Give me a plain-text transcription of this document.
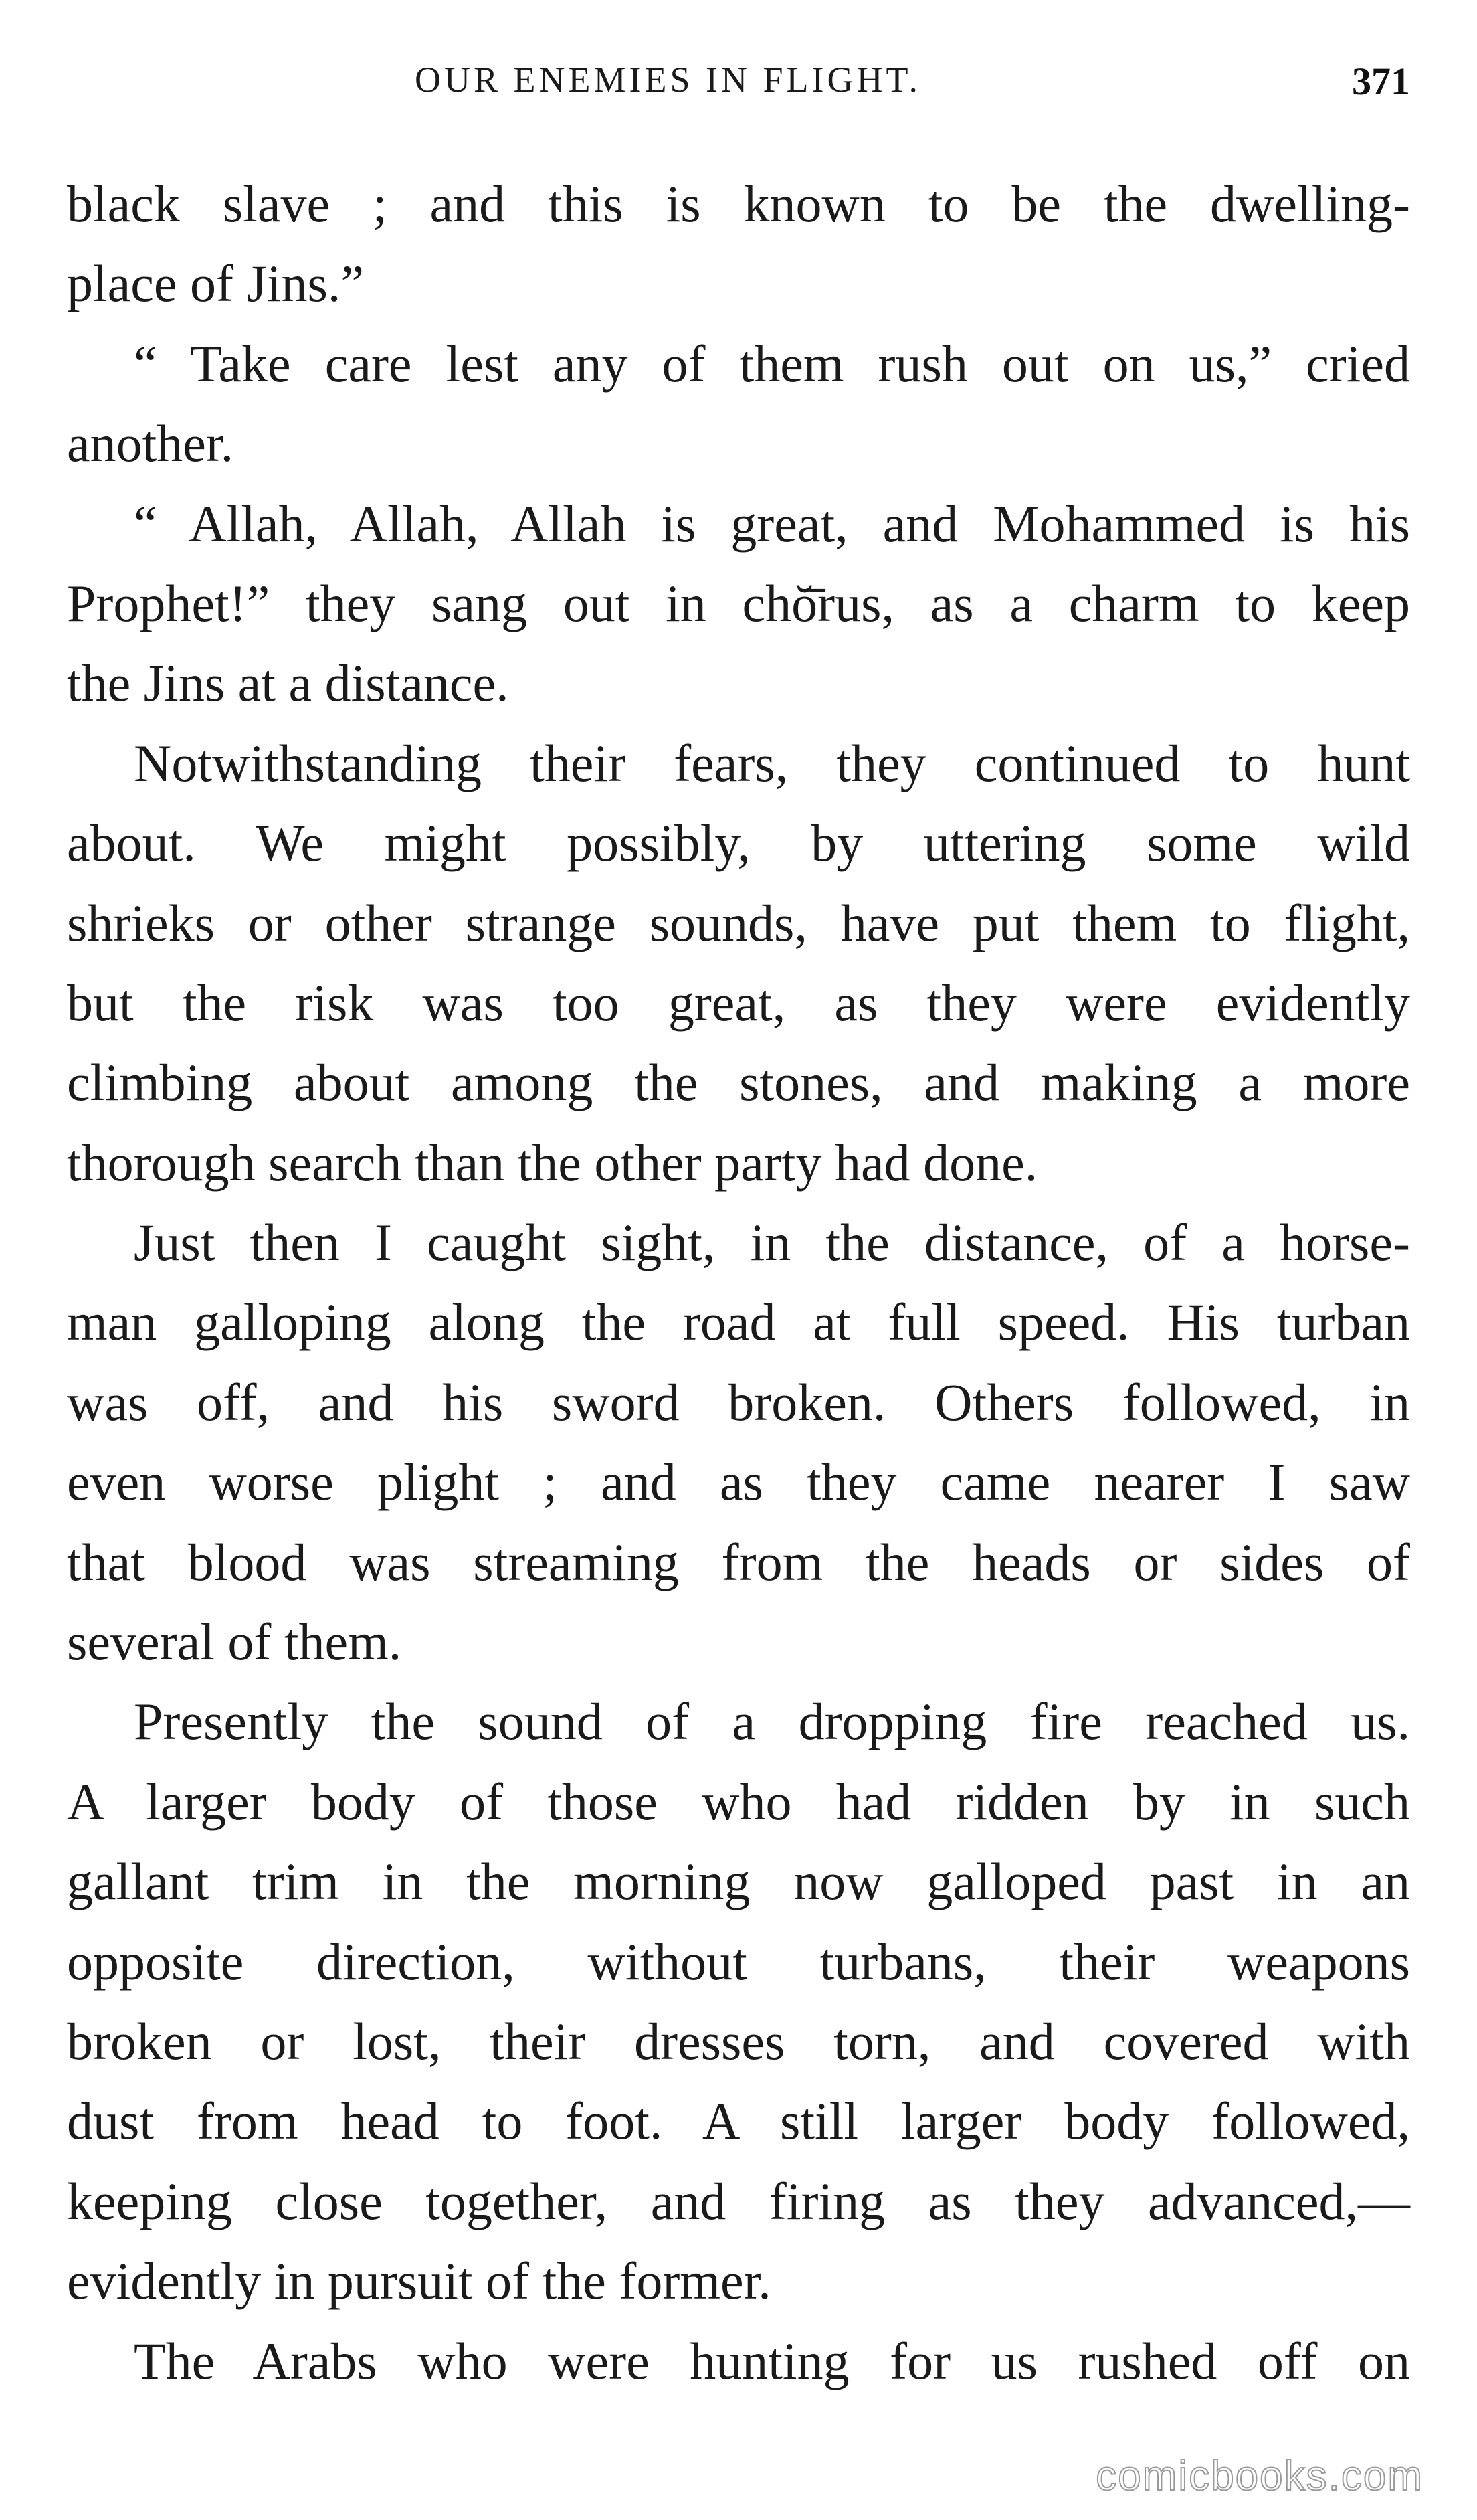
OUR ENEMIES IN FLIGHT.	371
black slave ; and this is known to be the dwelling-
place of Jins.”
“ Take care lest any of them rush out on us,” cried
another.
“ Allah, Allah, Allah is great, and Mohammed is his
Prophet!” they sang out in chŏ̄rus, as a charm to keep
the Jins at a distance.
Notwithstanding their fears, they continued to hunt
about. We might possibly, by uttering some wild
shrieks or other strange sounds, have put them to flight,
but the risk was too great, as they were evidently
climbing about among the stones, and making a more
thorough search than the other party had done.
Just then I caught sight, in the distance, of a horse-
man galloping along the road at full speed. His turban
was off, and his sword broken. Others followed, in
even worse plight ; and as they came nearer I saw
that blood was streaming from the heads or sides of
several of them.
Presently the sound of a dropping fire reached us.
A larger body of those who had ridden by in such
gallant trim in the morning now galloped past in an
opposite direction, without turbans, their weapons
broken or lost, their dresses torn, and covered with
dust from head to foot. A still larger body followed,
keeping close together, and firing as they advanced,—
evidently in pursuit of the former.
The Arabs who were hunting for us rushed off on
comicbooks.com
